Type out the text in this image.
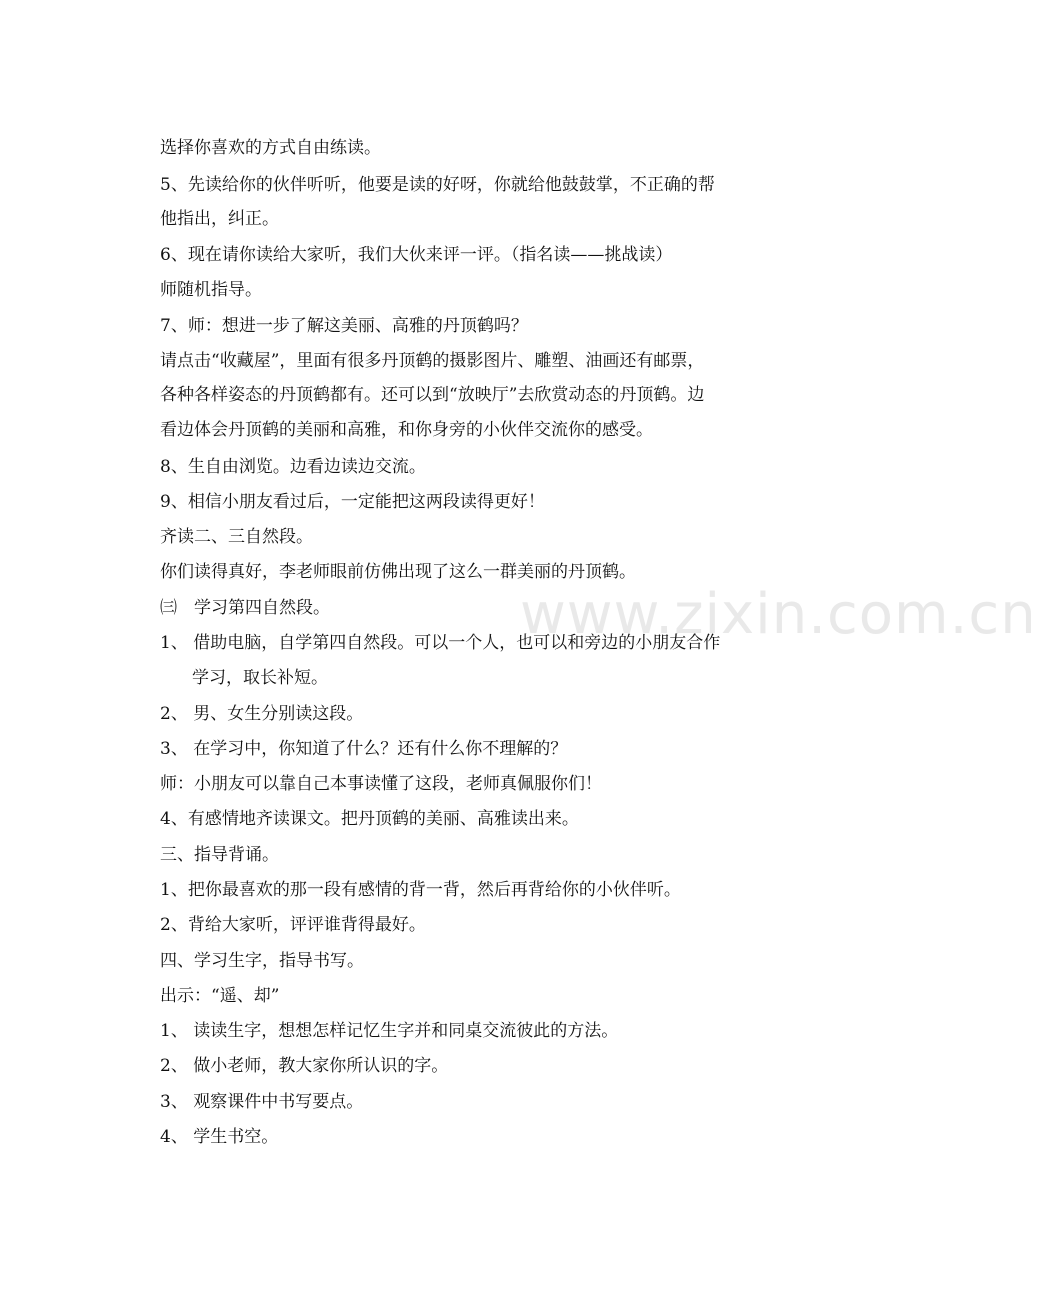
www.zixin.com.cn
选择你喜欢的方式自由练读。
5、先读给你的伙伴听听，他要是读的好呀，你就给他鼓鼓掌，不正确的帮
他指出，纠正。
6、现在请你读给大家听，我们大伙来评一评。（指名读——挑战读）
师随机指导。
7、师：想进一步了解这美丽、高雅的丹顶鹤吗？
请点击“收藏屋”，里面有很多丹顶鹤的摄影图片、雕塑、油画还有邮票，
各种各样姿态的丹顶鹤都有。还可以到“放映厅”去欣赏动态的丹顶鹤。边
看边体会丹顶鹤的美丽和高雅，和你身旁的小伙伴交流你的感受。
8、生自由浏览。边看边读边交流。
9、相信小朋友看过后，一定能把这两段读得更好！
齐读二、三自然段。
你们读得真好，李老师眼前仿佛出现了这么一群美丽的丹顶鹤。
㈢　学习第四自然段。
1、 借助电脑，自学第四自然段。可以一个人，也可以和旁边的小朋友合作
学习，取长补短。
2、 男、女生分别读这段。
3、 在学习中，你知道了什么？还有什么你不理解的？
师：小朋友可以靠自己本事读懂了这段，老师真佩服你们！
4、有感情地齐读课文。把丹顶鹤的美丽、高雅读出来。
三、指导背诵。
1、把你最喜欢的那一段有感情的背一背，然后再背给你的小伙伴听。
2、背给大家听，评评谁背得最好。
四、学习生字，指导书写。
出示：“遥、却”
1、 读读生字，想想怎样记忆生字并和同桌交流彼此的方法。
2、 做小老师，教大家你所认识的字。
3、 观察课件中书写要点。
4、 学生书空。
